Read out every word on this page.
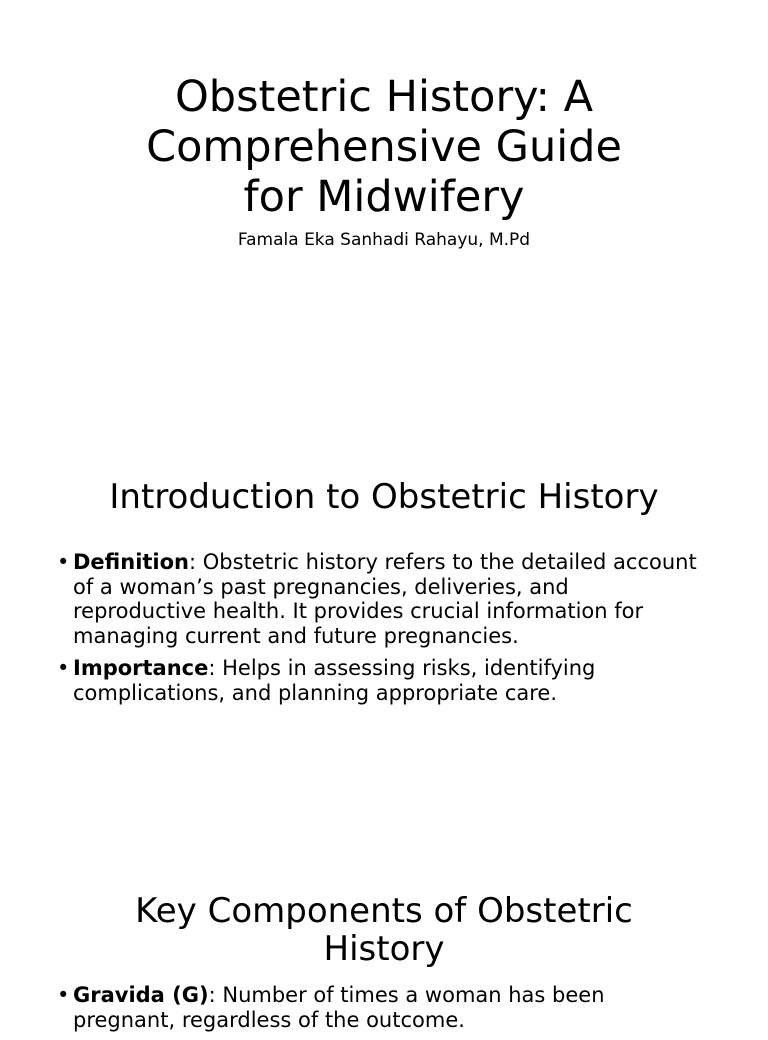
Obstetric History: A
Comprehensive Guide
for Midwifery

Famala Eka Sanhadi Rahayu, M.Pd

Introduction to Obstetric History
• Definition: Obstetric history refers to the detailed account of a woman’s past pregnancies, deliveries, and reproductive health. It provides crucial information for managing current and future pregnancies.
• Importance: Helps in assessing risks, identifying complications, and planning appropriate care.
Key Components of Obstetric
History
• Gravida (G): Number of times a woman has been pregnant, regardless of the outcome.
